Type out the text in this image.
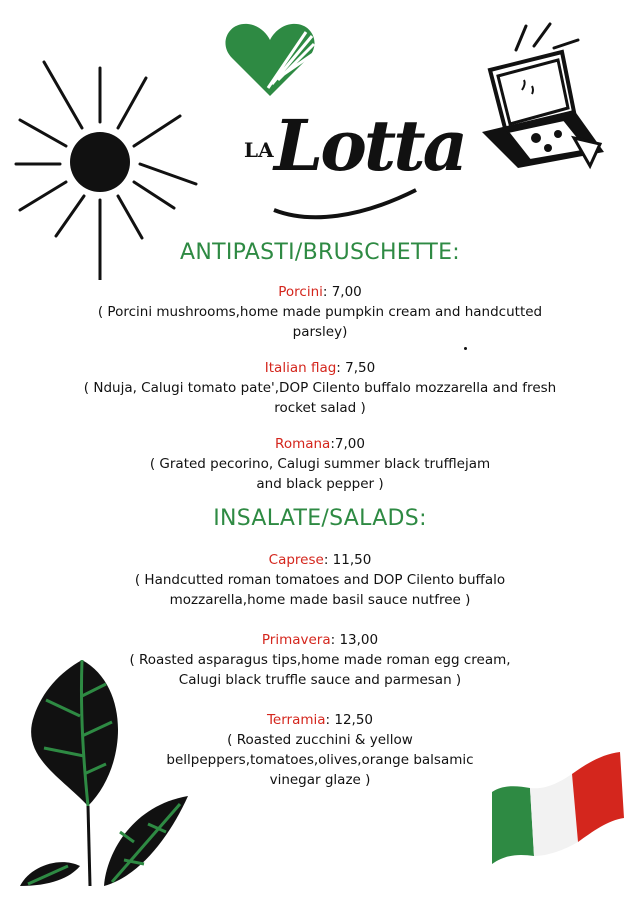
LA Lotta
ANTIPASTI/BRUSCHETTE:
Porcini: 7,00
( Porcini mushrooms,home made pumpkin cream and handcutted
parsley)
Italian flag: 7,50
( Nduja, Calugi tomato pate',DOP Cilento buffalo mozzarella and fresh
rocket salad )
Romana:7,00
( Grated pecorino, Calugi summer black trufflejam
and black pepper )
INSALATE/SALADS:
Caprese: 11,50
( Handcutted roman tomatoes and DOP Cilento buffalo
mozzarella,home made basil sauce nutfree )
Primavera: 13,00
( Roasted asparagus tips,home made roman egg cream,
Calugi black truffle sauce and parmesan )
Terramia: 12,50
( Roasted zucchini & yellow
bellpeppers,tomatoes,olives,orange balsamic
vinegar glaze )
